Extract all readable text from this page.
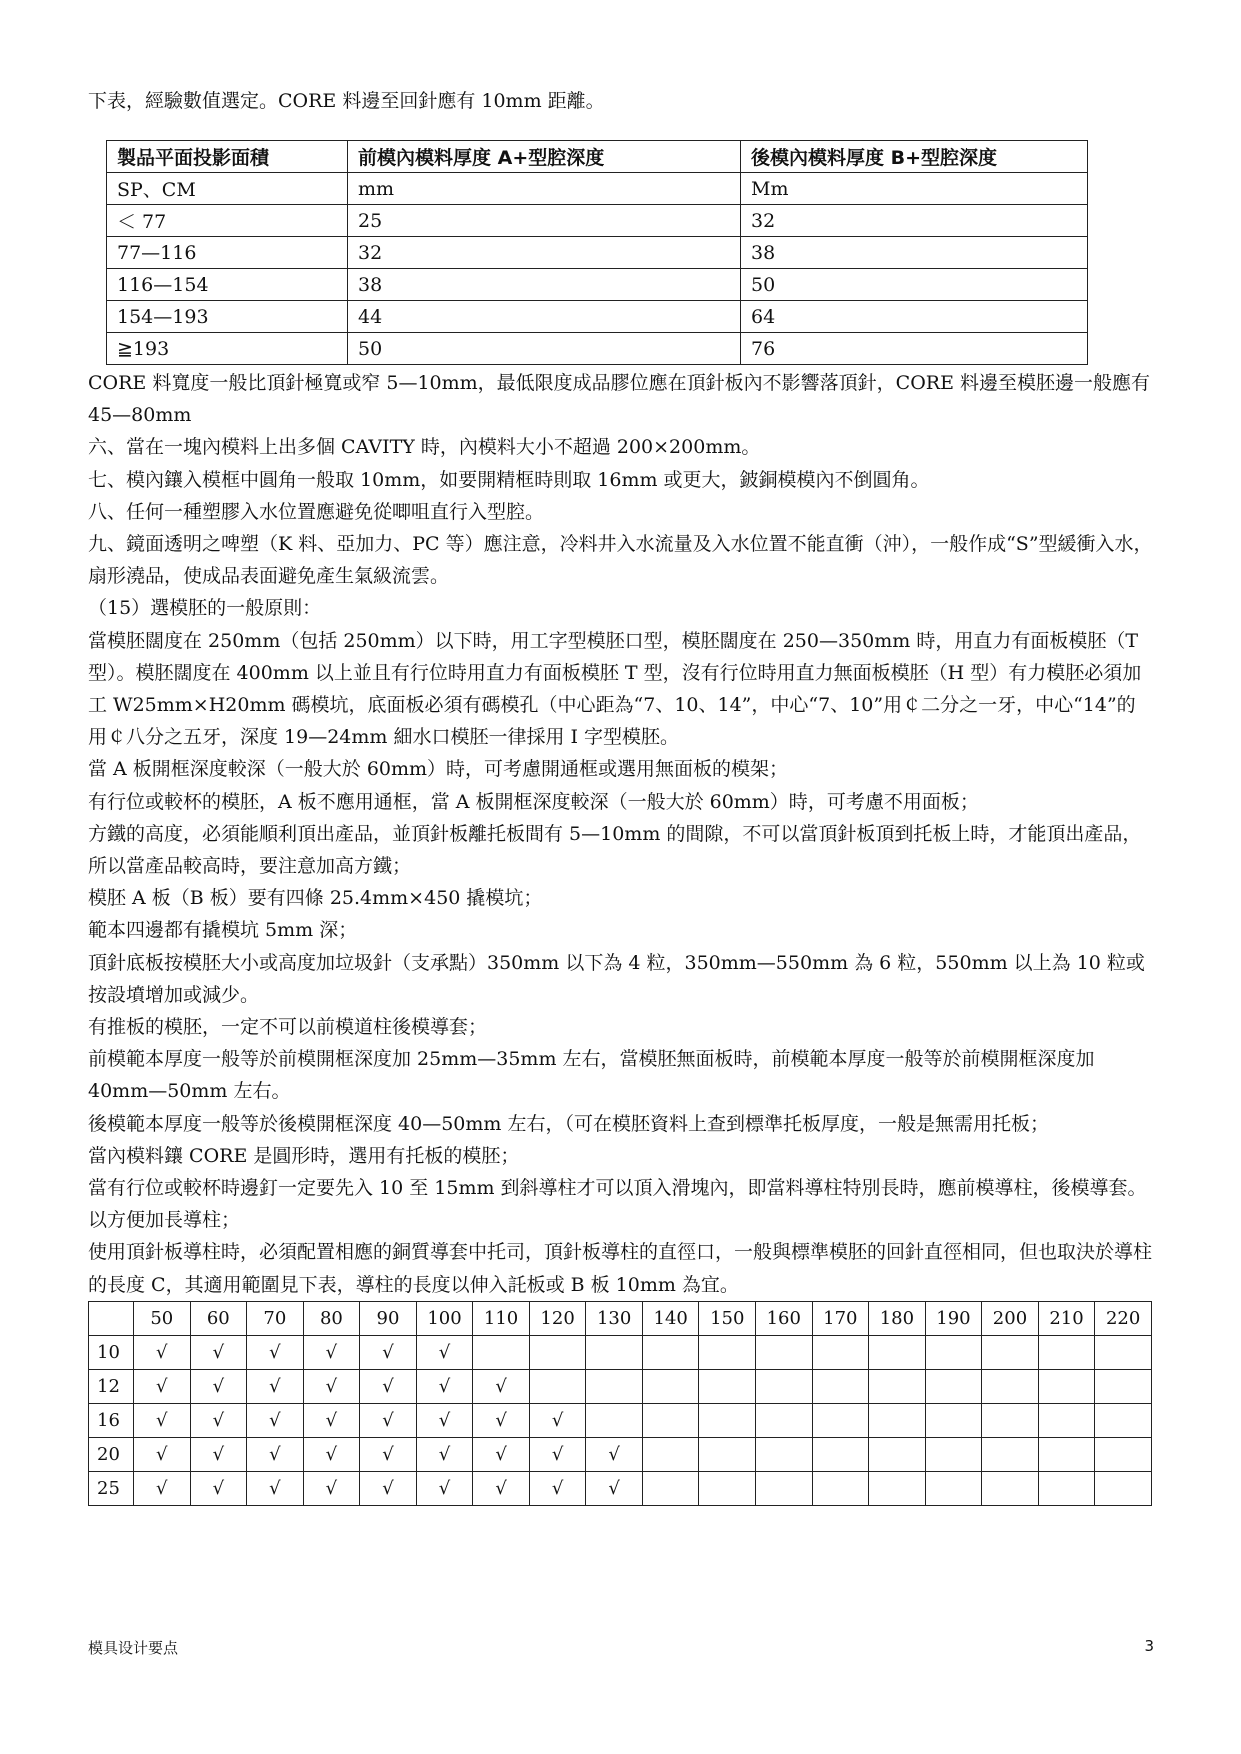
下表，經驗數值選定。CORE 料邊至回針應有 10mm 距離。

製品平面投影面積	前模內模料厚度 A+型腔深度	後模內模料厚度 B+型腔深度
SP、CM	mm	Mm
＜ 77	25	32
77—116	32	38
116—154	38	50
154—193	44	64
≧193	50	76

CORE 料寬度一般比頂針極寬或窄 5—10mm，最低限度成品膠位應在頂針板內不影響落頂針，CORE 料邊至模胚邊一般應有 45—80mm

六、當在一塊內模料上出多個 CAVITY 時，內模料大小不超過 200×200mm。

七、模內鑲入模框中圓角一般取 10mm，如要開精框時則取 16mm 或更大，鈹銅模模內不倒圓角。

八、任何一種塑膠入水位置應避免從唧咀直行入型腔。

九、鏡面透明之啤塑（K 料、亞加力、PC 等）應注意，冷料井入水流量及入水位置不能直衝（沖），一般作成“S”型緩衝入水，扇形澆品，使成品表面避免產生氣級流雲。

（15）選模胚的一般原則：

當模胚闊度在 250mm（包括 250mm）以下時，用工字型模胚口型，模胚闊度在 250—350mm 時，用直力有面板模胚（T 型）。模胚闊度在 400mm 以上並且有行位時用直力有面板模胚 T 型，沒有行位時用直力無面板模胚（H 型）有力模胚必須加工 W25mm×H20mm 碼模坑，底面板必須有碼模孔（中心距為“7、10、14”，中心“7、10”用￠二分之一牙，中心“14”的用￠八分之五牙，深度 19—24mm 細水口模胚一律採用 I 字型模胚。

當 A 板開框深度較深（一般大於 60mm）時，可考慮開通框或選用無面板的模架；

有行位或較杯的模胚，A 板不應用通框，當 A 板開框深度較深（一般大於 60mm）時，可考慮不用面板；

方鐵的高度，必須能順利頂出產品，並頂針板離托板間有 5—10mm 的間隙，不可以當頂針板頂到托板上時，才能頂出產品，所以當產品較高時，要注意加高方鐵；

模胚 A 板（B 板）要有四條 25.4mm×450 撬模坑；

範本四邊都有撬模坑 5mm 深；

頂針底板按模胚大小或高度加垃圾針（支承點）350mm 以下為 4 粒，350mm—550mm 為 6 粒，550mm 以上為 10 粒或按設墳增加或減少。

有推板的模胚，一定不可以前模道柱後模導套；

前模範本厚度一般等於前模開框深度加 25mm—35mm 左右，當模胚無面板時，前模範本厚度一般等於前模開框深度加 40mm—50mm 左右。

後模範本厚度一般等於後模開框深度 40—50mm 左右，（可在模胚資料上查到標準托板厚度，一般是無需用托板；

當內模料鑲 CORE 是圓形時，選用有托板的模胚；

當有行位或較杯時邊釘一定要先入 10 至 15mm 到斜導柱才可以頂入滑塊內，即當料導柱特別長時，應前模導柱，後模導套。以方便加長導柱；

使用頂針板導柱時，必須配置相應的銅質導套中托司，頂針板導柱的直徑口，一般與標準模胚的回針直徑相同，但也取決於導柱的長度 C，其適用範圍見下表，導柱的長度以伸入託板或 B 板 10mm 為宜。

	50	60	70	80	90	100	110	120	130	140	150	160	170	180	190	200	210	220
10	√	√	√	√	√	√												
12	√	√	√	√	√	√	√											
16	√	√	√	√	√	√	√	√										
20	√	√	√	√	√	√	√	√	√									
25	√	√	√	√	√	√	√	√	√									
模具设计要点	3
